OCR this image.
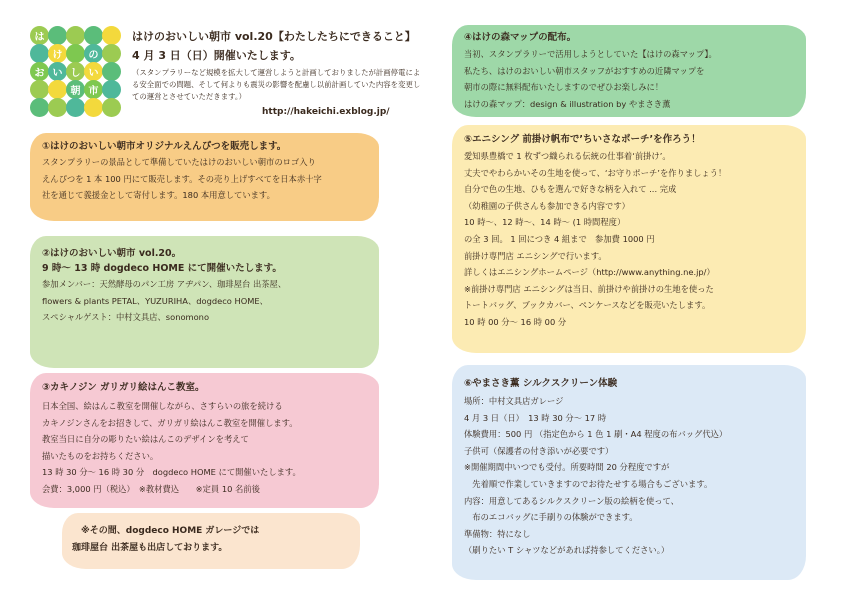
は
け	の
お い し い
朝 市
はけのおいしい朝市 vol.20【わたしたちにできること】
4 月 3 日（日）開催いたします。
（スタンプラリーなど規模を拡大して運営しようと計画しておりましたが計画停電による安全面での問題、そして何よりも震災の影響を配慮し以前計画していた内容を変更しての運営とさせていただきます。）
http://hakeichi.exblog.jp/
①はけのおいしい朝市オリジナルえんぴつを販売します。

スタンプラリーの景品として準備していたはけのおいしい朝市のロゴ入り

えんぴつを 1 本 100 円にて販売します。その売り上げすべてを日本赤十字

社を通じて義援金として寄付します。180 本用意しています。

②はけのおいしい朝市 vol.20。
9 時〜 13 時 dogdeco HOME にて開催いたします。

参加メンバー：天然酵母のパン工房 アヂパン、珈琲屋台 出茶屋、

flowers & plants PETAL、YUZURIHA、dogdeco HOME、

スペシャルゲスト：中村文具店、sonomono

③カキノジン ガリガリ絵はんこ教室。

日本全国、絵はんこ教室を開催しながら、さすらいの旅を続ける

カキノジンさんをお招きして、ガリガリ絵はんこ教室を開催します。

教室当日に自分の彫りたい絵はんこのデザインを考えて

描いたものをお持ちください。

13 時 30 分〜 16 時 30 分　dogdeco HOME にて開催いたします。

会費：3,000 円（税込）　※教材費込　　※定員 10 名前後

　※その間、dogdeco HOME ガレージでは

珈琲屋台 出茶屋も出店しております。

④はけの森マップの配布。

当初、スタンプラリーで活用しようとしていた【はけの森マップ】。

私たち、はけのおいしい朝市スタッフがおすすめの近隣マップを

朝市の際に無料配布いたしますのでぜひお楽しみに！

はけの森マップ：design & illustration by やまさき薫

⑤エニシング 前掛け帆布で’ちいさなポーチ’を作ろう！

愛知県豊橋で 1 枚ずつ織られる伝統の仕事着‘前掛け’。

丈夫でやわらかいその生地を使って、‘お守りポーチ’を作りましょう！

自分で色の生地、ひもを選んで好きな柄を入れて ... 完成

（幼稚園の子供さんも参加できる内容です）

10 時〜、12 時〜、14 時〜 (1 時間程度）

の全 3 回。 1 回につき 4 組まで　参加費 1000 円

前掛け専門店 エニシングで行います。

詳しくはエニシングホームページ（http://www.anything.ne.jp/）

※前掛け専門店 エニシングは当日、前掛けや前掛けの生地を使った

トートバッグ、ブックカバー、ペンケースなどを販売いたします。

10 時 00 分〜 16 時 00 分

⑥やまさき薫 シルクスクリーン体験

場所：中村文具店ガレージ

4 月 3 日（日）　13 時 30 分〜 17 時

体験費用：500 円 （指定色から 1 色 1 刷・A4 程度の布バッグ代込）

子供可（保護者の付き添いが必要です）

※開催期間中いつでも受付。所要時間 20 分程度ですが

　先着順で作業していきますのでお待たせする場合もございます。

内容：用意してあるシルクスクリーン版の絵柄を使って、

　布のエコバッグに手刷りの体験ができます。

準備物：特になし

（刷りたい T シャツなどがあれば持参してください。）
